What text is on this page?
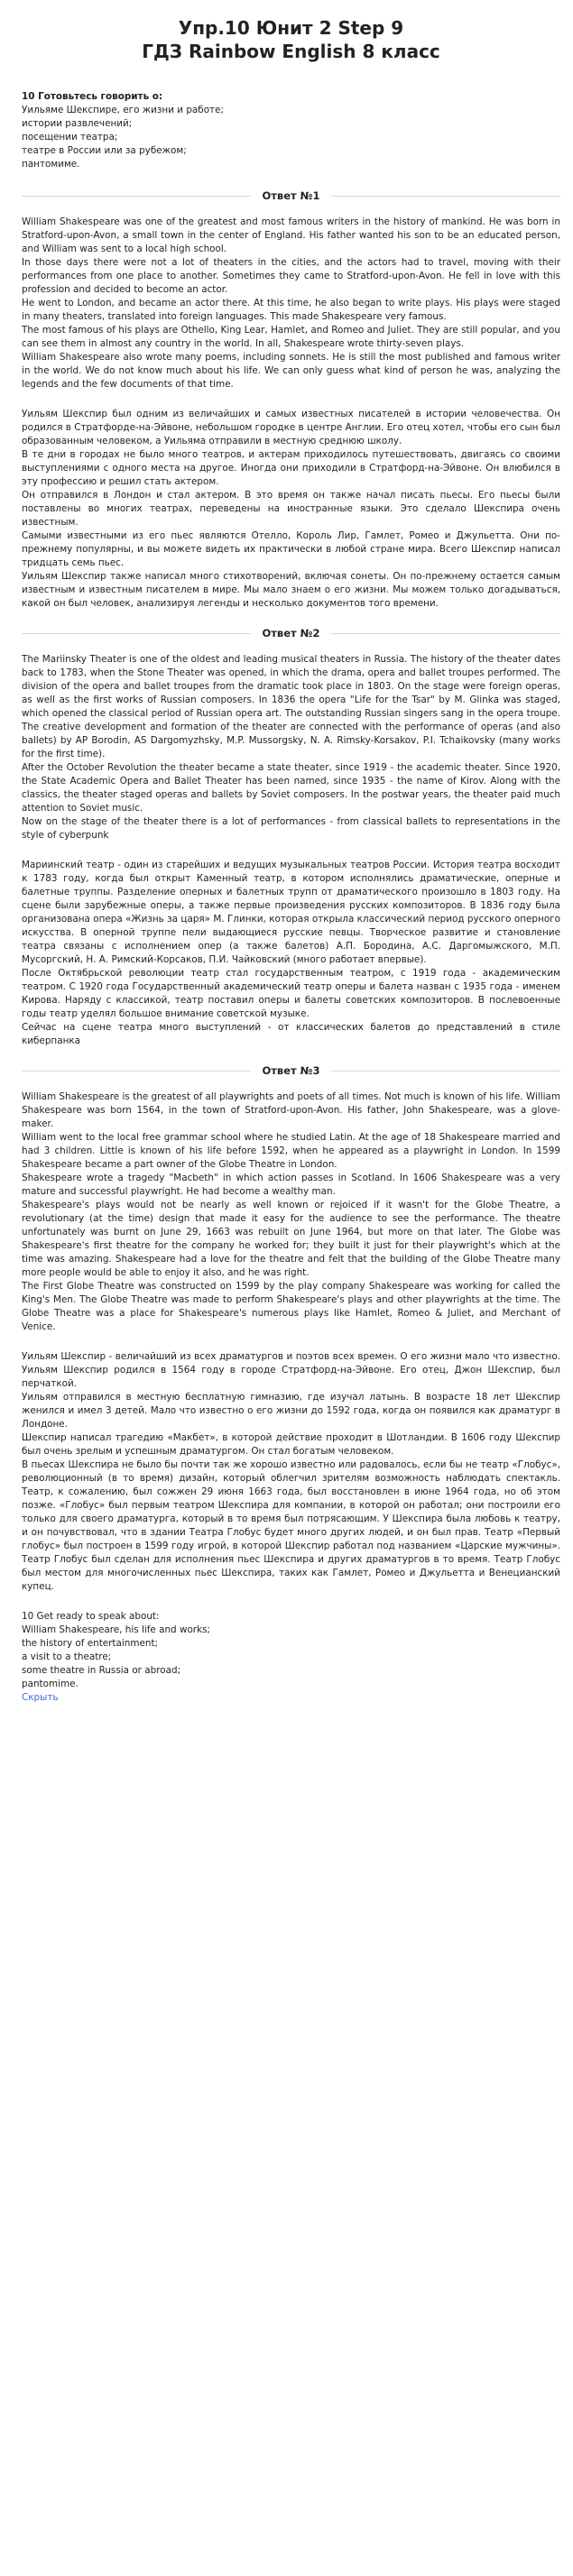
Упр.10 Юнит 2 Step 9
ГДЗ Rainbow English 8 класс

10 Готовьтесь говорить о:

Уильяме Шекспире, его жизни и работе;

истории развлечений;

посещении театра;

театре в России или за рубежом;

пантомиме.

Ответ №1

William Shakespeare was one of the greatest and most famous writers in the history of mankind. He was born in Stratford-upon-Avon, a small town in the center of England. His father wanted his son to be an educated person, and William was sent to a local high school.

In those days there were not a lot of theaters in the cities, and the actors had to travel, moving with their performances from one place to another. Sometimes they came to Stratford-upon-Avon. He fell in love with this profession and decided to become an actor.

He went to London, and became an actor there. At this time, he also began to write plays. His plays were staged in many theaters, translated into foreign languages. This made Shakespeare very famous.

The most famous of his plays are Othello, King Lear, Hamlet, and Romeo and Juliet. They are still popular, and you can see them in almost any country in the world. In all, Shakespeare wrote thirty-seven plays.

William Shakespeare also wrote many poems, including sonnets. He is still the most published and famous writer in the world. We do not know much about his life. We can only guess what kind of person he was, analyzing the legends and the few documents of that time.

Уильям Шекспир был одним из величайших и самых известных писателей в истории человечества. Он родился в Стратфорде-на-Эйвоне, небольшом городке в центре Англии. Его отец хотел, чтобы его сын был образованным человеком, а Уильяма отправили в местную среднюю школу.

В те дни в городах не было много театров, и актерам приходилось путешествовать, двигаясь со своими выступлениями с одного места на другое. Иногда они приходили в Стратфорд-на-Эйвоне. Он влюбился в эту профессию и решил стать актером.

Он отправился в Лондон и стал актером. В это время он также начал писать пьесы. Его пьесы были поставлены во многих театрах, переведены на иностранные языки. Это сделало Шекспира очень известным.

Самыми известными из его пьес являются Отелло, Король Лир, Гамлет, Ромео и Джульетта. Они по-прежнему популярны, и вы можете видеть их практически в любой стране мира. Всего Шекспир написал тридцать семь пьес.

Уильям Шекспир также написал много стихотворений, включая сонеты. Он по-прежнему остается самым известным и известным писателем в мире. Мы мало знаем о его жизни. Мы можем только догадываться, какой он был человек, анализируя легенды и несколько документов того времени.

Ответ №2

The Mariinsky Theater is one of the oldest and leading musical theaters in Russia. The history of the theater dates back to 1783, when the Stone Theater was opened, in which the drama, opera and ballet troupes performed. The division of the opera and ballet troupes from the dramatic took place in 1803. On the stage were foreign operas, as well as the first works of Russian composers. In 1836 the opera "Life for the Tsar" by M. Glinka was staged, which opened the classical period of Russian opera art. The outstanding Russian singers sang in the opera troupe. The creative development and formation of the theater are connected with the performance of operas (and also ballets) by AP Borodin, AS Dargomyzhsky, M.P. Mussorgsky, N. A. Rimsky-Korsakov, P.I. Tchaikovsky (many works for the first time).

After the October Revolution the theater became a state theater, since 1919 - the academic theater. Since 1920, the State Academic Opera and Ballet Theater has been named, since 1935 - the name of Kirov. Along with the classics, the theater staged operas and ballets by Soviet composers. In the postwar years, the theater paid much attention to Soviet music.

Now on the stage of the theater there is a lot of performances - from classical ballets to representations in the style of cyberpunk

Мариинский театр - один из старейших и ведущих музыкальных театров России. История театра восходит к 1783 году, когда был открыт Каменный театр, в котором исполнялись драматические, оперные и балетные труппы. Разделение оперных и балетных трупп от драматического произошло в 1803 году. На сцене были зарубежные оперы, а также первые произведения русских композиторов. В 1836 году была организована опера «Жизнь за царя» М. Глинки, которая открыла классический период русского оперного искусства. В оперной труппе пели выдающиеся русские певцы. Творческое развитие и становление театра связаны с исполнением опер (а также балетов) А.П. Бородина, А.С. Даргомыжского, М.П. Мусоргский, Н. А. Римский-Корсаков, П.И. Чайковский (много работает впервые).

После Октябрьской революции театр стал государственным театром, с 1919 года - академическим театром. С 1920 года Государственный академический театр оперы и балета назван с 1935 года - именем Кирова. Наряду с классикой, театр поставил оперы и балеты советских композиторов. В послевоенные годы театр уделял большое внимание советской музыке.

Сейчас на сцене театра много выступлений - от классических балетов до представлений в стиле киберпанка

Ответ №3

William Shakespeare is the greatest of all playwrights and poets of all times. Not much is known of his life. William Shakespeare was born 1564, in the town of Stratford-upon-Avon. His father, John Shakespeare, was a glove-maker.

William went to the local free grammar school where he studied Latin. At the age of 18 Shakespeare married and had 3 children. Little is known of his life before 1592, when he appeared as a playwright in London. In 1599 Shakespeare became a part owner of the Globe Theatre in London.

Shakespeare wrote a tragedy "Macbeth" in which action passes in Scotland. In 1606 Shakespeare was a very mature and successful playwright. He had become a wealthy man.

Shakespeare's plays would not be nearly as well known or rejoiced if it wasn't for the Globe Theatre, a revolutionary (at the time) design that made it easy for the audience to see the performance. The theatre unfortunately was burnt on June 29, 1663 was rebuilt on June 1964, but more on that later. The Globe was Shakespeare's first theatre for the company he worked for; they built it just for their playwright's which at the time was amazing. Shakespeare had a love for the theatre and felt that the building of the Globe Theatre many more people would be able to enjoy it also, and he was right.

The First Globe Theatre was constructed on 1599 by the play company Shakespeare was working for called the King's Men. The Globe Theatre was made to perform Shakespeare's plays and other playwrights at the time. The Globe Theatre was a place for Shakespeare's numerous plays like Hamlet, Romeo & Juliet, and Merchant of Venice.

Уильям Шекспир - величайший из всех драматургов и поэтов всех времен. О его жизни мало что известно. Уильям Шекспир родился в 1564 году в городе Стратфорд-на-Эйвоне. Его отец, Джон Шекспир, был перчаткой.

Уильям отправился в местную бесплатную гимназию, где изучал латынь. В возрасте 18 лет Шекспир женился и имел 3 детей. Мало что известно о его жизни до 1592 года, когда он появился как драматург в Лондоне.

Шекспир написал трагедию «Макбет», в которой действие проходит в Шотландии. В 1606 году Шекспир был очень зрелым и успешным драматургом. Он стал богатым человеком.

В пьесах Шекспира не было бы почти так же хорошо известно или радовалось, если бы не театр «Глобус», революционный (в то время) дизайн, который облегчил зрителям возможность наблюдать спектакль. Театр, к сожалению, был сожжен 29 июня 1663 года, был восстановлен в июне 1964 года, но об этом позже. «Глобус» был первым театром Шекспира для компании, в которой он работал; они построили его только для своего драматурга, который в то время был потрясающим. У Шекспира была любовь к театру, и он почувствовал, что в здании Театра Глобус будет много других людей, и он был прав. Театр «Первый глобус» был построен в 1599 году игрой, в которой Шекспир работал под названием «Царские мужчины». Театр Глобус был сделан для исполнения пьес Шекспира и других драматургов в то время. Театр Глобус был местом для многочисленных пьес Шекспира, таких как Гамлет, Ромео и Джульетта и Венецианский купец.

10 Get ready to speak about:

William Shakespeare, his life and works;

the history of entertainment;

a visit to a theatre;

some theatre in Russia or abroad;

pantomime.

Скрыть
